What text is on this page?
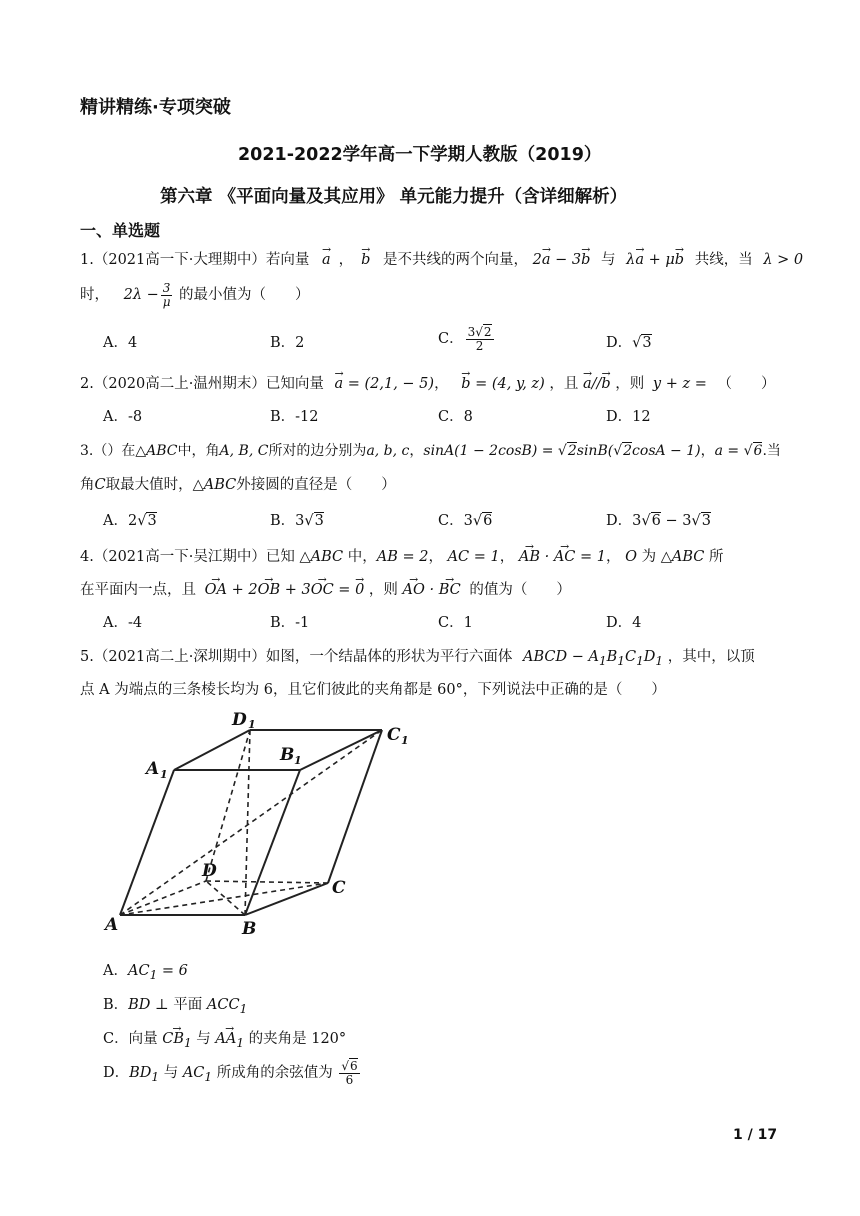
精讲精练·专项突破
2021-2022学年高一下学期人教版（2019）
第六章 《平面向量及其应用》 单元能力提升（含详细解析）
一、单选题
1.（2021高一下·大理期中）若向量 → a ， → b 是不共线的两个向量， 2→ a − 3→ b 与 λ→ a + μ→ b 共线，当 λ > 0
时， $2\lambda - \frac{3}{\mu}$ 的最小值为（　　）
A．4	B．2	C． $\frac{3√2}{2}$	D．√3
2.（2020高二上·温州期末）已知向量 → a = (2,1, − 5)， → b = (4, y, z) ，且 → a//→ b ，则 y + z = （　　）
A．-8	B．-12	C．8	D．12
3.（）在△ABC中，角A, B, C所对的边分别为a, b, c，sinA(1 − 2cosB) = √2sinB(√2cosA − 1)，a = √6.当
角C取最大值时，△ABC外接圆的直径是（　　）
A．2√3	B．3√3	C．3√6	D．3√6 − 3√3
4.（2021高一下·吴江期中）已知 △ABC 中，AB = 2， AC = 1， → AB · → AC = 1， O 为 △ABC 所
在平面内一点，且 → OA + 2→ OB + 3→ OC = → 0 ，则 → AO · → BC 的值为（　　）
A．-4	B．-1	C．1	D．4
5.（2021高二上·深圳期中）如图，一个结晶体的形状为平行六面体 ABCD − $A_1B_1C_1D_1$ ，其中，以顶
点 A 为端点的三条棱长均为 6，且它们彼此的夹角都是 60°，下列说法中正确的是（　　）
D 1
C 1
A 1
B 1
D
C
A	B
A．$AC_1 = 6$
B．BD ⊥ 平面 $ACC_1$
C．向量 → $CB_1$ 与 → $AA_1$ 的夹角是 120°
D．$BD_1$ 与 $AC_1$ 所成角的余弦值为 $\frac{√6}{6}$
1 / 17
